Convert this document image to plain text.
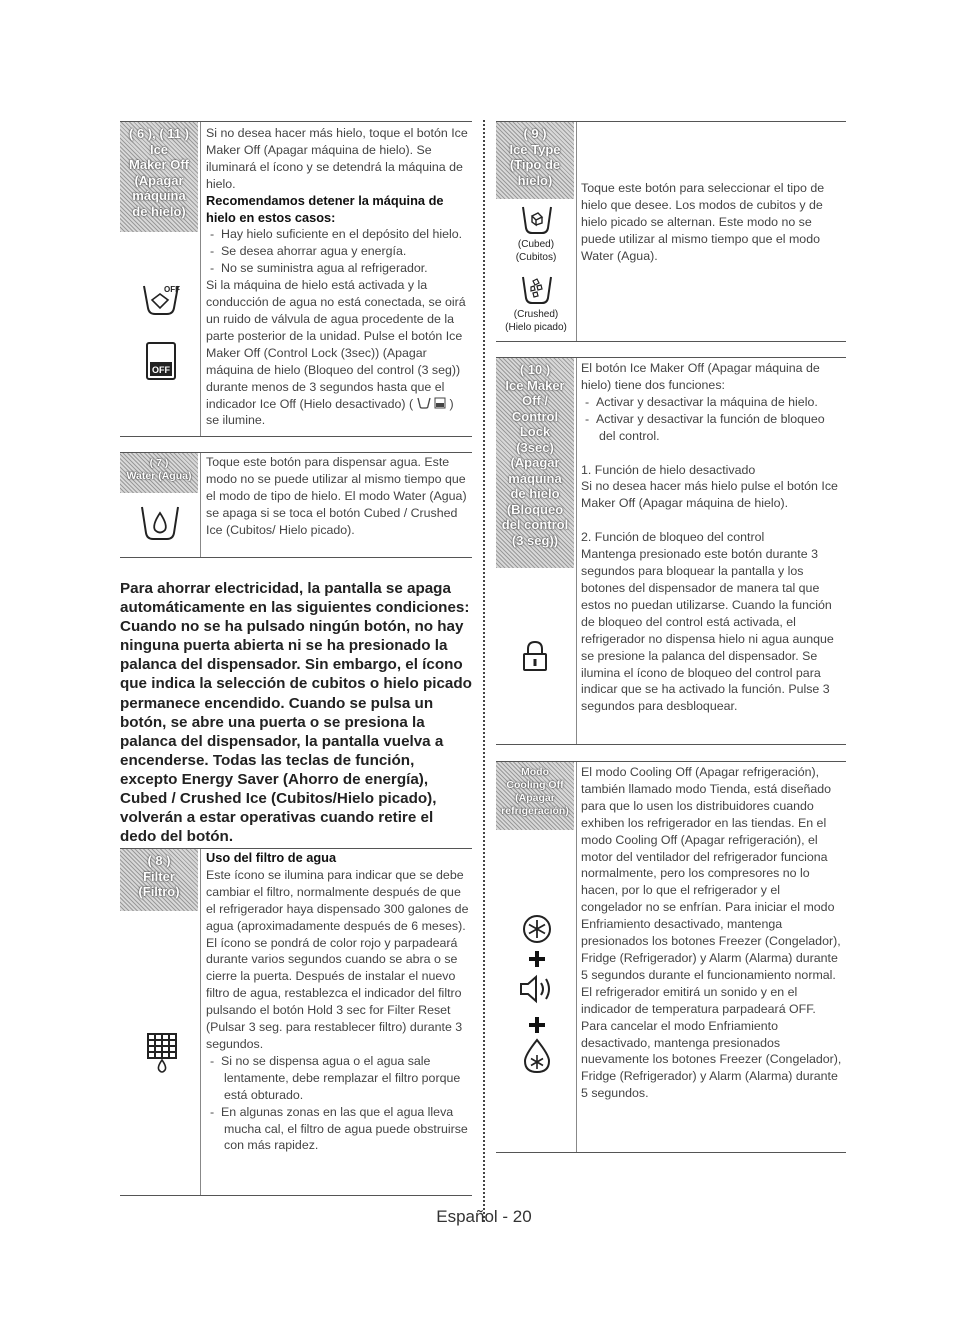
( 6 ), ( 11 )
Ice
Maker Off
(Apagar
máquina
de hielo)
OFF
OFF

Si no desea hacer más hielo, toque el botón Ice Maker Off (Apagar máquina de hielo). Se iluminará el ícono y se detendrá la máquina de hielo.

Recomendamos detener la máquina de hielo en estos casos:

-  Hay hielo suficiente en el depósito del hielo.

-  Se desea ahorrar agua y energía.

-  No se suministra agua al refrigerador.

Si la máquina de hielo está activada y la conducción de agua no está conectada, se oirá un ruido de válvula de agua procedente de la parte posterior de la unidad. Pulse el botón Ice Maker Off (Control Lock (3sec)) (Apagar máquina de hielo (Bloqueo del control (3 seg)) durante menos de 3 segundos hasta que el indicador Ice Off (Hielo desactivado) (	) se ilumine.

( 7 )
Water (Agua)

Toque este botón para dispensar agua. Este modo no se puede utilizar al mismo tiempo que el modo de tipo de hielo. El modo Water (Agua) se apaga si se toca el botón Cubed / Crushed Ice (Cubitos/ Hielo picado).

Para ahorrar electricidad, la pantalla se apaga automáticamente en las siguientes condiciones: Cuando no se ha pulsado ningún botón, no hay ninguna puerta abierta ni se ha presionado la palanca del dispensador. Sin embargo, el ícono que indica la selección de cubitos o hielo picado permanece encendido. Cuando se pulsa un botón, se abre una puerta o se presiona la palanca del dispensador, la pantalla vuelva a encenderse. Todas las teclas de función, excepto Energy Saver (Ahorro de energía), Cubed / Crushed Ice (Cubitos/Hielo picado), volverán a estar operativas cuando retire el dedo del botón.
( 8 )
Filter
(Filtro)

Uso del filtro de agua

Este ícono se ilumina para indicar que se debe cambiar el filtro, normalmente después de que el refrigerador haya dispensado 300 galones de agua (aproximadamente después de 6 meses). El ícono se pondrá de color rojo y parpadeará durante varios segundos cuando se abra o se cierre la puerta. Después de instalar el nuevo filtro de agua, restablezca el indicador del filtro pulsando el botón Hold 3 sec for Filter Reset (Pulsar 3 seg. para restablecer filtro) durante 3 segundos.

-  Si no se dispensa agua o el agua sale lentamente, debe remplazar el filtro porque está obturado.

-  En algunas zonas en las que el agua lleva mucha cal, el filtro de agua puede obstruirse con más rapidez.

( 9 )
Ice Type
(Tipo de
hielo)
(Cubed)
(Cubitos)
(Crushed)
(Hielo picado)

Toque este botón para seleccionar el tipo de hielo que desee. Los modos de cubitos y de hielo picado se alternan. Este modo no se puede utilizar al mismo tiempo que el modo Water (Agua).

( 10 )
Ice Maker
Off /
Control
Lock
(3sec)
(Apagar
máquina
de hielo
(Bloqueo
del control
(3 seg))

El botón Ice Maker Off (Apagar máquina de hielo) tiene dos funciones:

-  Activar y desactivar la máquina de hielo.

-  Activar y desactivar la función de bloqueo del control.

1. Función de hielo desactivado

Si no desea hacer más hielo pulse el botón Ice Maker Off (Apagar máquina de hielo).

2. Función de bloqueo del control

Mantenga presionado este botón durante 3 segundos para bloquear la pantalla y los botones del dispensador de manera tal que estos no puedan utilizarse. Cuando la función de bloqueo del control está activada, el refrigerador no dispensa hielo ni agua aunque se presione la palanca del dispensador. Se ilumina el ícono de bloqueo del control para indicar que se ha activado la función. Pulse 3 segundos para desbloquear.

Modo
Cooling Off
(Apagar
refrigeración)

El modo Cooling Off (Apagar refrigeración), también llamado modo Tienda, está diseñado para que lo usen los distribuidores cuando exhiben los refrigerador en las tiendas. En el modo Cooling Off (Apagar refrigeración), el motor del ventilador del refrigerador funciona normalmente, pero los compresores no lo hacen, por lo que el refrigerador y el congelador no se enfrían. Para iniciar el modo Enfriamiento desactivado, mantenga presionados los botones Freezer (Congelador), Fridge (Refrigerador) y Alarm (Alarma) durante 5 segundos durante el funcionamiento normal. El refrigerador emitirá un sonido y en el indicador de temperatura parpadeará OFF. Para cancelar el modo Enfriamiento desactivado, mantenga presionados nuevamente los botones Freezer (Congelador), Fridge (Refrigerador) y Alarm (Alarma) durante 5 segundos.

Español - 20
